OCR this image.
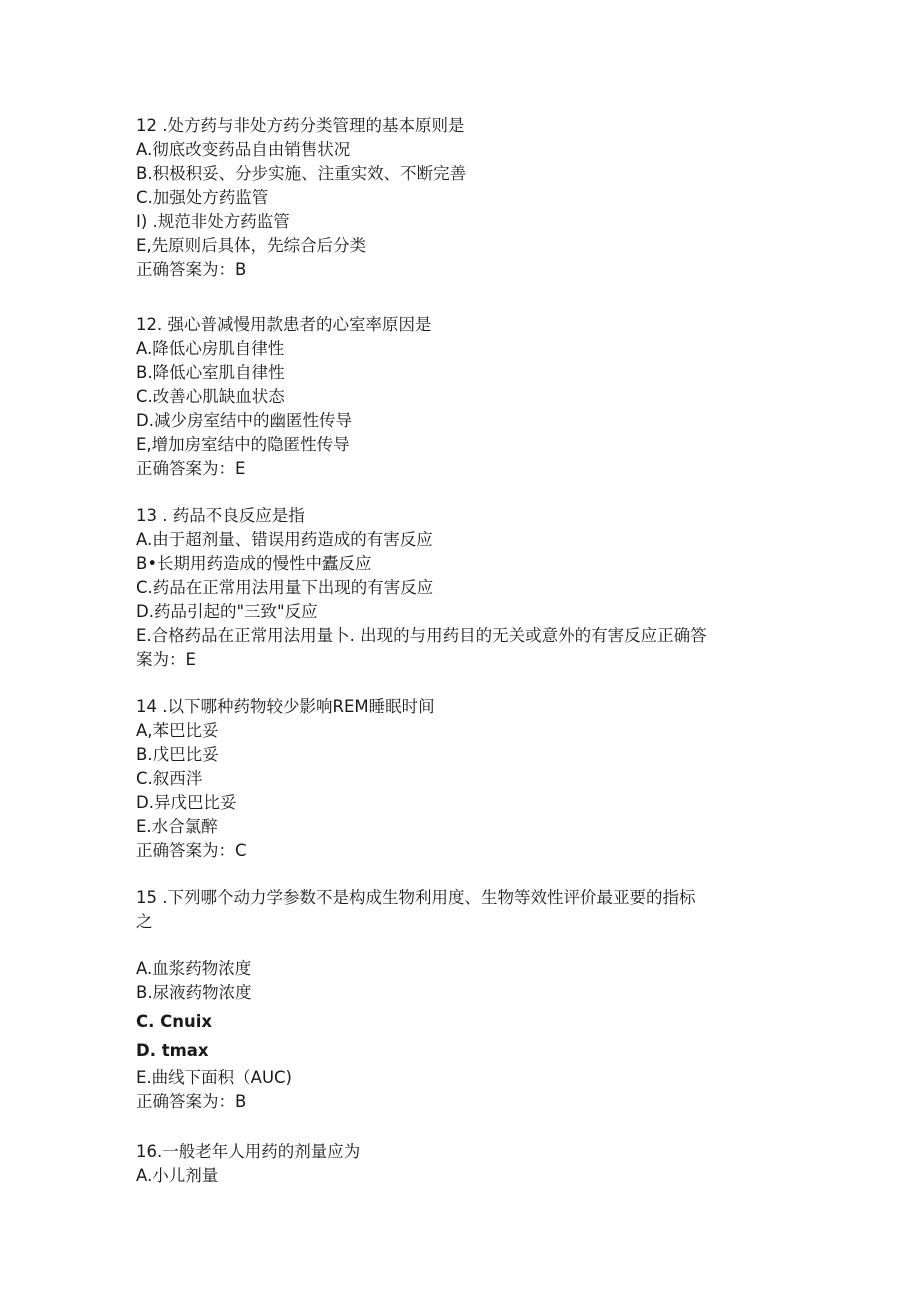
12 .处方药与非处方药分类管理的基本原则是
A.彻底改变药品自由销售状况
B.积极积妥、分步实施、注重实效、不断完善
C.加强处方药监管
I) .规范非处方药监管
E,先原则后具体，先综合后分类
正确答案为：B
12. 强心普减慢用款患者的心室率原因是
A.降低心房肌自律性
B.降低心室肌自律性
C.改善心肌缺血状态
D.减少房室结中的幽匿性传导
E,增加房室结中的隐匿性传导
正确答案为：E
13 . 药品不良反应是指
A.由于超剂量、错误用药造成的有害反应
B•长期用药造成的慢性中蠹反应
C.药品在正常用法用量下出现的有害反应
D.药品引起的"三致"反应
E.合格药品在正常用法用量卜. 出现的与用药目的无关或意外的有害反应正确答
案为：E
14 .以下哪种药物较少影响REM睡眠时间
A,苯巴比妥
B.戊巴比妥
C.叙西泮
D.异戊巴比妥
E.水合氯醉
正确答案为：C
15 .下列哪个动力学参数不是构成生物利用度、生物等效性评价最亚要的指标
之
A.血浆药物浓度
B.尿液药物浓度
C. Cnuix
D. tmax
E.曲线下面积（AUC)
正确答案为：B
16.一般老年人用药的剂量应为
A.小儿剂量
